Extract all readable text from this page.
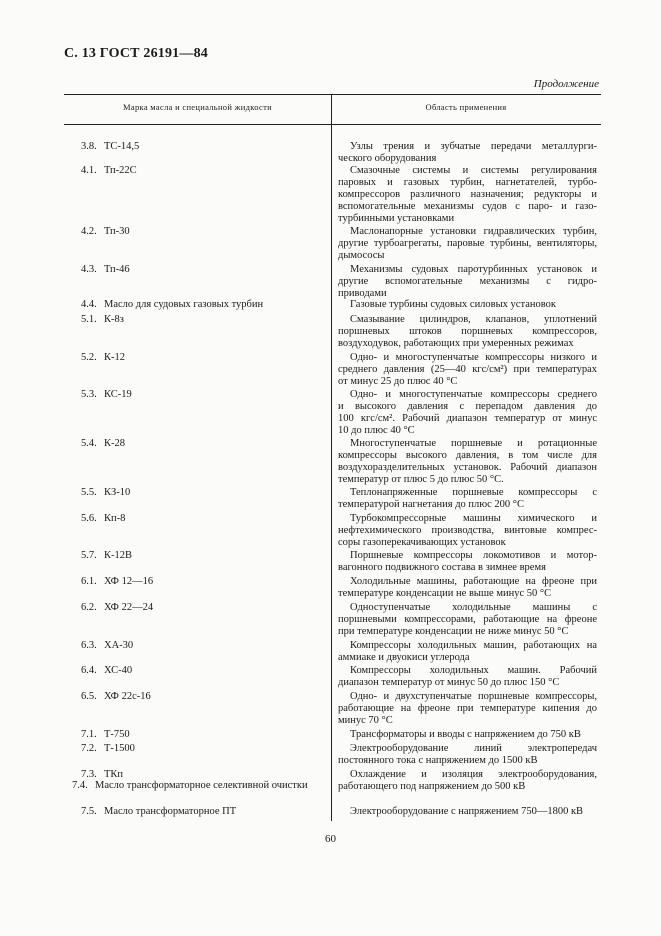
С. 13 ГОСТ 26191—84
Продолжение
Марка масла и специальной жидкости	Область применения
3.8. ТС-14,5	Узлы трения и зубчатые передачи металлурги-
ческого оборудования
4.1. Тп-22С	Смазочные системы и системы регулирования
паровых и газовых турбин, нагнетателей, турбо-
компрессоров различного назначения; редукторы и
вспомогательные механизмы судов с паро- и газо-
турбинными установками
4.2. Тп-30	Маслонапорные установки гидравлических турбин,
другие турбоагрегаты, паровые турбины, вентиляторы,
дымососы
4.3. Тп-46	Механизмы судовых паротурбинных установок и
другие вспомогательные механизмы с гидро-
приводами
4.4. Масло для судовых газовых турбин	Газовые турбины судовых силовых установок
5.1. К-8з	Смазывание цилиндров, клапанов, уплотнений
поршневых штоков поршневых компрессоров,
воздуходувок, работающих при умеренных режимах
5.2. К-12	Одно- и многоступенчатые компрессоры низкого и
среднего давления (25—40 кгс/см²) при температурах
от минус 25 до плюс 40 °С
5.3. КС-19	Одно- и многоступенчатые компрессоры среднего
и высокого давления с перепадом давления до
100 кгс/см². Рабочий диапазон температур от минус
10 до плюс 40 °С
5.4. К-28	Многоступенчатые поршневые и ротационные
компрессоры высокого давления, в том числе для
воздухоразделительных установок. Рабочий диапазон
температур от плюс 5 до плюс 50 °С.
5.5. КЗ-10	Теплонапряженные поршневые компрессоры с
температурой нагнетания до плюс 200 °С
5.6. Кп-8	Турбокомпрессорные машины химического и
нефтехимического производства, винтовые компрес-
соры газоперекачивающих установок
5.7. К-12В	Поршневые компрессоры локомотивов и мотор-
вагонного подвижного состава в зимнее время
6.1. ХФ 12—16	Холодильные машины, работающие на фреоне при
температуре конденсации не выше минус 50 °С
6.2. ХФ 22—24	Одноступенчатые холодильные машины с
поршневыми компрессорами, работающие на фреоне
при температуре конденсации не ниже минус 50 °С
6.3. ХА-30	Компрессоры холодильных машин, работающих на
аммиаке и двуокиси углерода
6.4. ХС-40	Компрессоры холодильных машин. Рабочий
диапазон температур от минус 50 до плюс 150 °С
6.5. ХФ 22с-16	Одно- и двухступенчатые поршневые компрессоры,
работающие на фреоне при температуре кипения до
минус 70 °С
7.1. Т-750	Трансформаторы и вводы с напряжением до 750 кВ
7.2. Т-1500	Электрооборудование линий электропередач
постоянного тока с напряжением до 1500 кВ
7.3. ТКп	Охлаждение и изоляция электрооборудования,
работающего под напряжением до 500 кВ
7.4. Масло трансформаторное селективной очистки
7.5. Масло трансформаторное ПТ	Электрооборудование с напряжением 750—1800 кВ
60
